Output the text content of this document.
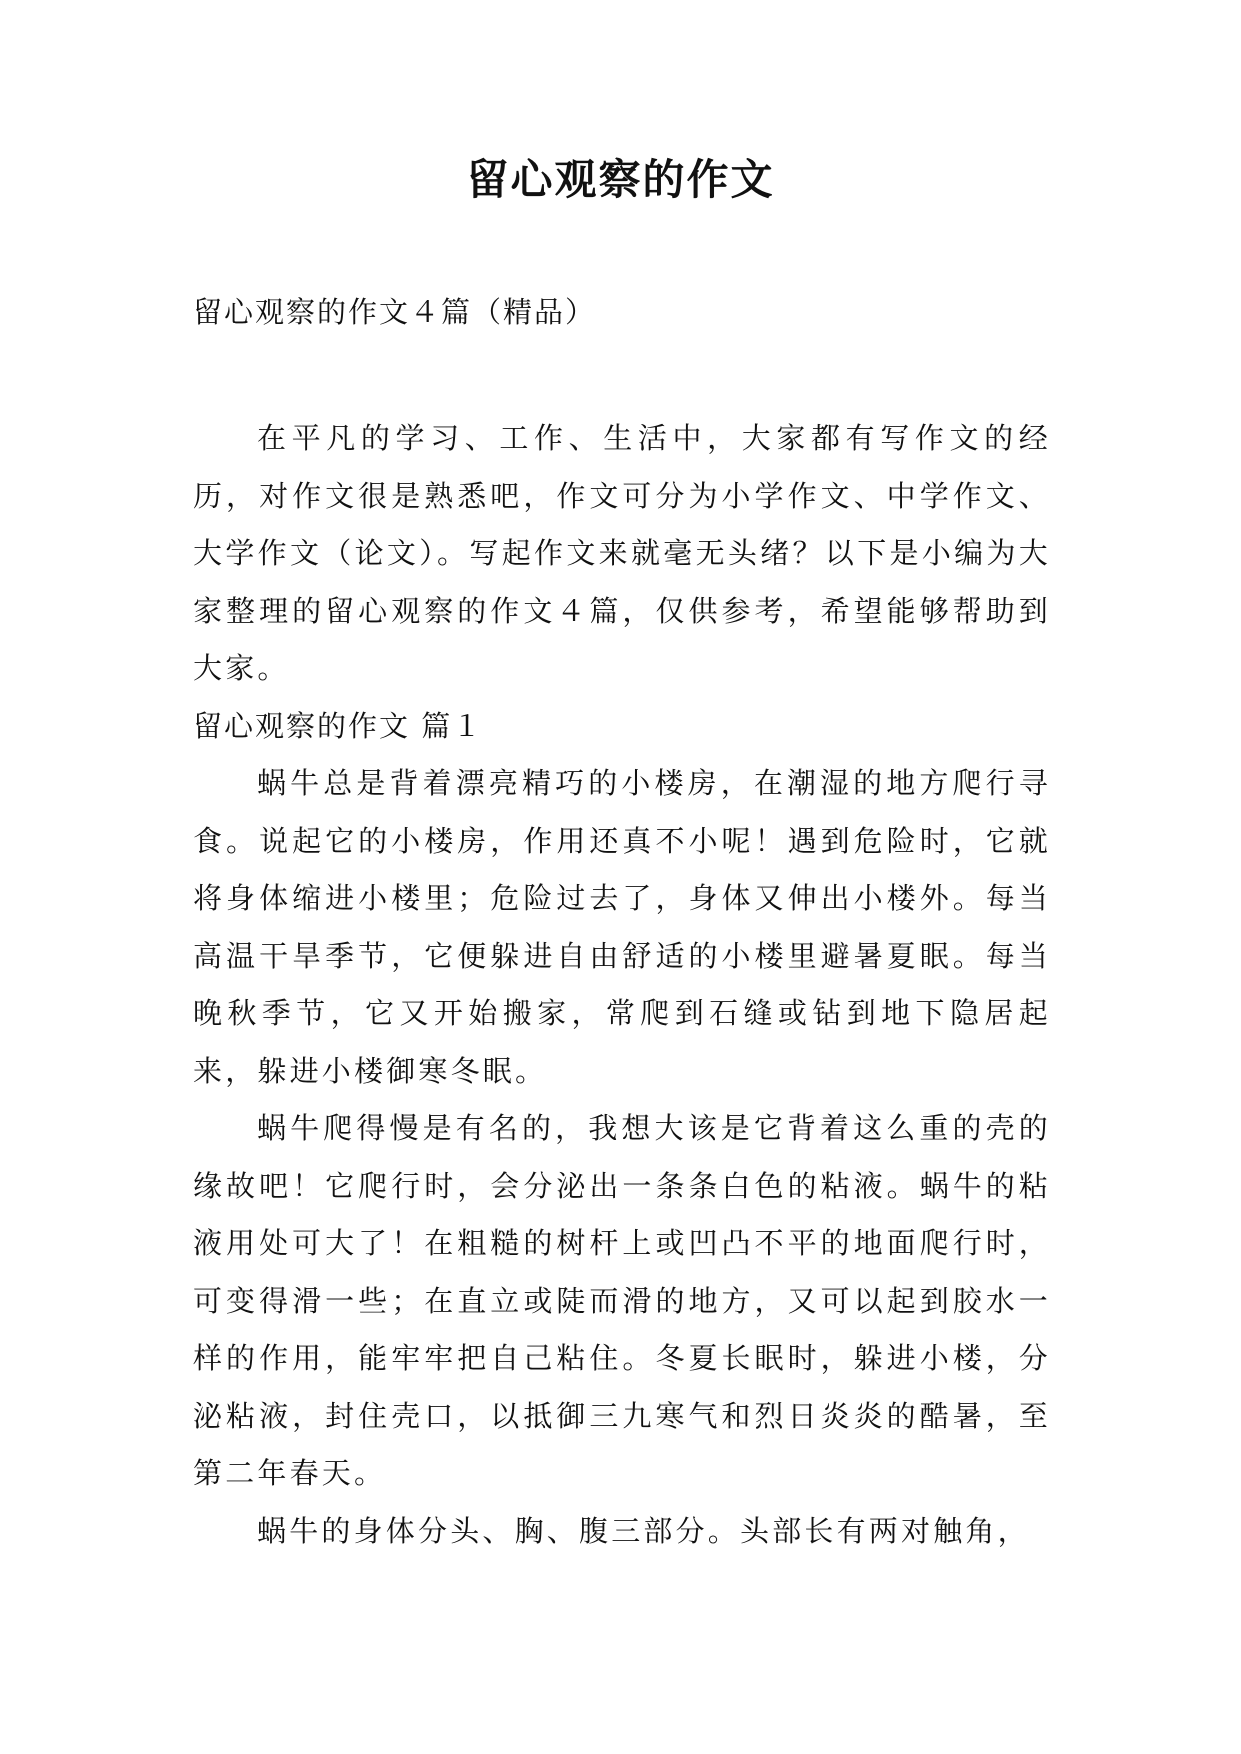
留心观察的作文

留心观察的作文４篇（精品）

在平凡的学习、工作、生活中，大家都有写作文的经历，对作文很是熟悉吧，作文可分为小学作文、中学作文、大学作文（论文）。写起作文来就毫无头绪？以下是小编为大家整理的留心观察的作文４篇，仅供参考，希望能够帮助到大家。

留心观察的作文 篇１

蜗牛总是背着漂亮精巧的小楼房，在潮湿的地方爬行寻食。说起它的小楼房，作用还真不小呢！遇到危险时，它就将身体缩进小楼里；危险过去了，身体又伸出小楼外。每当高温干旱季节，它便躲进自由舒适的小楼里避暑夏眠。每当晚秋季节，它又开始搬家，常爬到石缝或钻到地下隐居起来，躲进小楼御寒冬眠。

蜗牛爬得慢是有名的，我想大该是它背着这么重的壳的缘故吧！它爬行时，会分泌出一条条白色的粘液。蜗牛的粘液用处可大了！在粗糙的树杆上或凹凸不平的地面爬行时，可变得滑一些；在直立或陡而滑的地方，又可以起到胶水一样的作用，能牢牢把自己粘住。冬夏长眠时，躲进小楼，分泌粘液，封住壳口，以抵御三九寒气和烈日炎炎的酷暑，至第二年春天。

蜗牛的身体分头、胸、腹三部分。头部长有两对触角，
